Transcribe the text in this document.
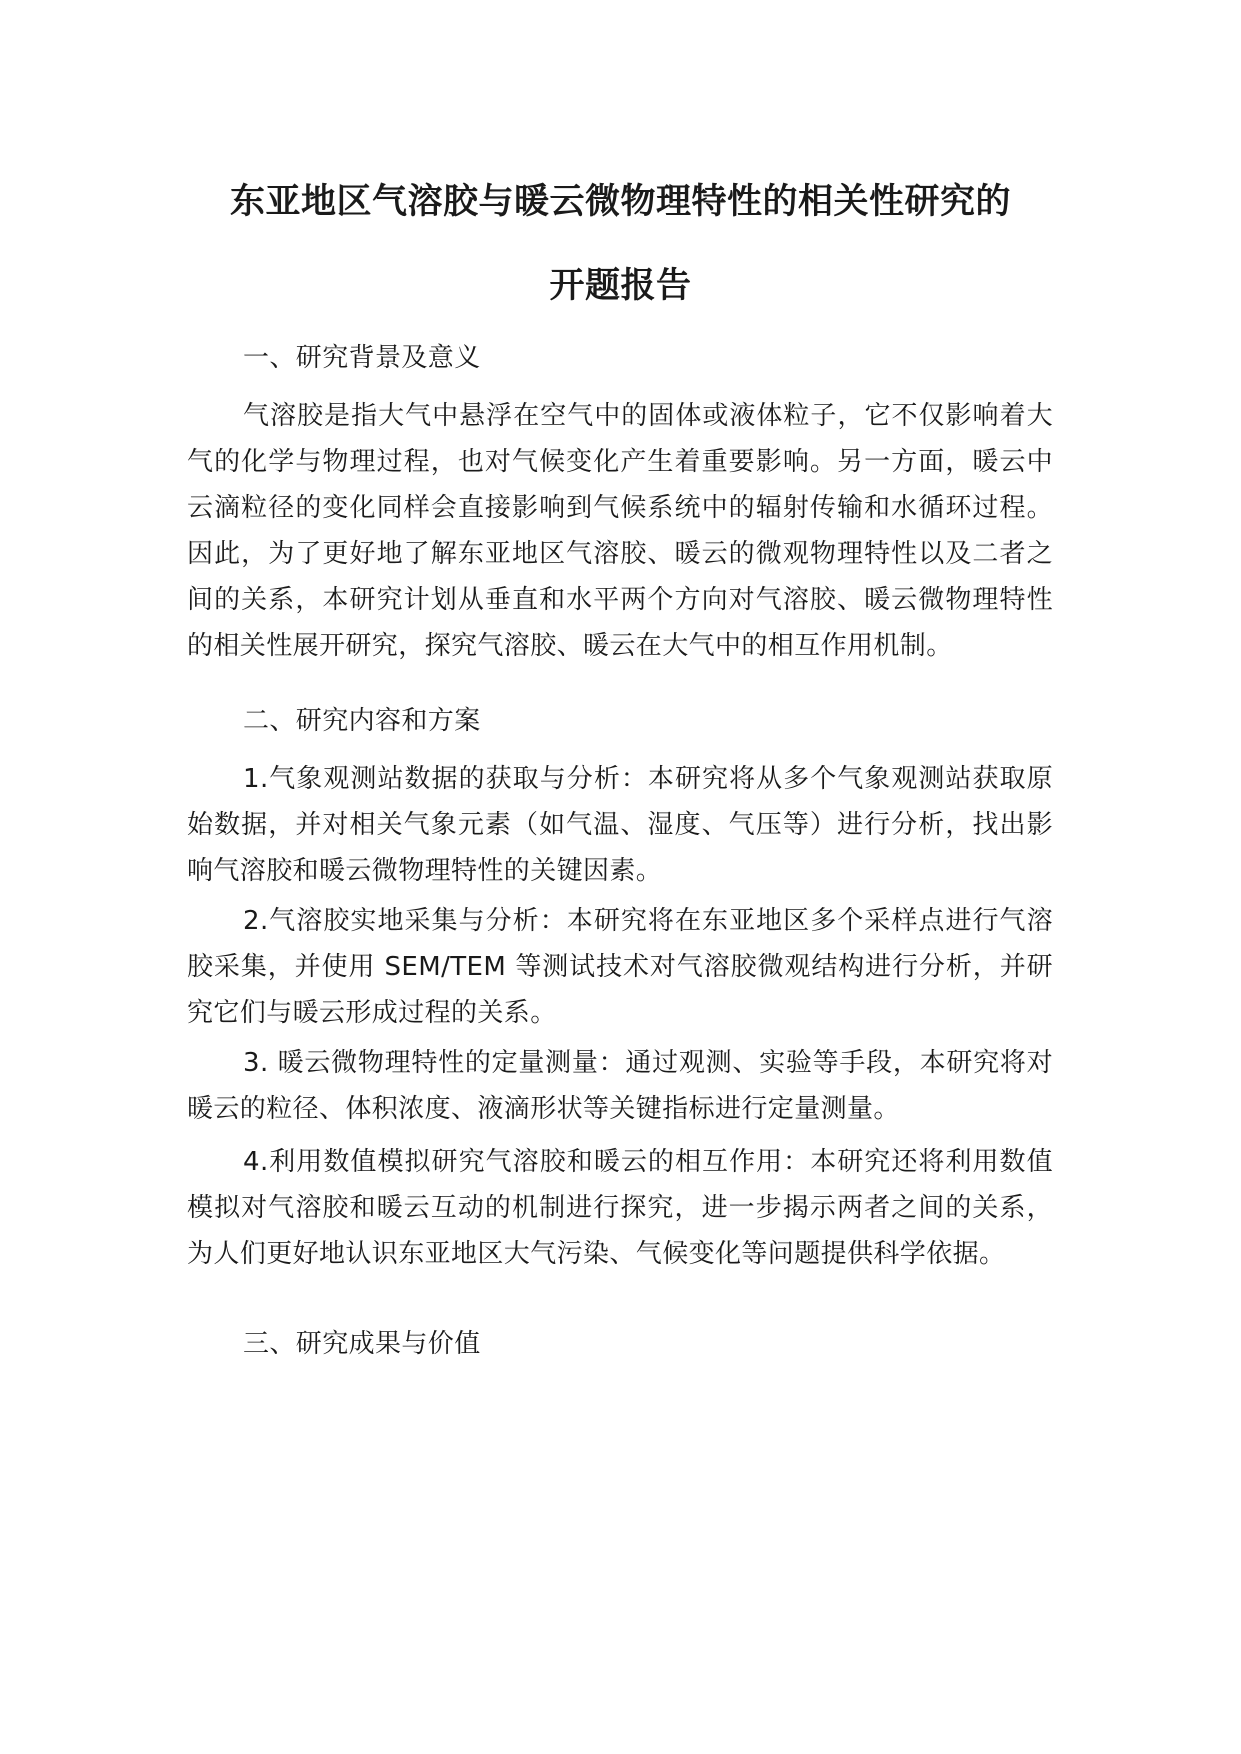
东亚地区气溶胶与暖云微物理特性的相关性研究的
开题报告
一、研究背景及意义

气溶胶是指大气中悬浮在空气中的固体或液体粒子，它不仅影响着大气的化学与物理过程，也对气候变化产生着重要影响。另一方面，暖云中云滴粒径的变化同样会直接影响到气候系统中的辐射传输和水循环过程。因此，为了更好地了解东亚地区气溶胶、暖云的微观物理特性以及二者之间的关系，本研究计划从垂直和水平两个方向对气溶胶、暖云微物理特性的相关性展开研究，探究气溶胶、暖云在大气中的相互作用机制。

二、研究内容和方案

1.气象观测站数据的获取与分析：本研究将从多个气象观测站获取原始数据，并对相关气象元素（如气温、湿度、气压等）进行分析，找出影响气溶胶和暖云微物理特性的关键因素。

2.气溶胶实地采集与分析：本研究将在东亚地区多个采样点进行气溶胶采集，并使用 SEM/TEM 等测试技术对气溶胶微观结构进行分析，并研究它们与暖云形成过程的关系。

3. 暖云微物理特性的定量测量：通过观测、实验等手段，本研究将对暖云的粒径、体积浓度、液滴形状等关键指标进行定量测量。

4.利用数值模拟研究气溶胶和暖云的相互作用：本研究还将利用数值模拟对气溶胶和暖云互动的机制进行探究，进一步揭示两者之间的关系，为人们更好地认识东亚地区大气污染、气候变化等问题提供科学依据。

三、研究成果与价值
